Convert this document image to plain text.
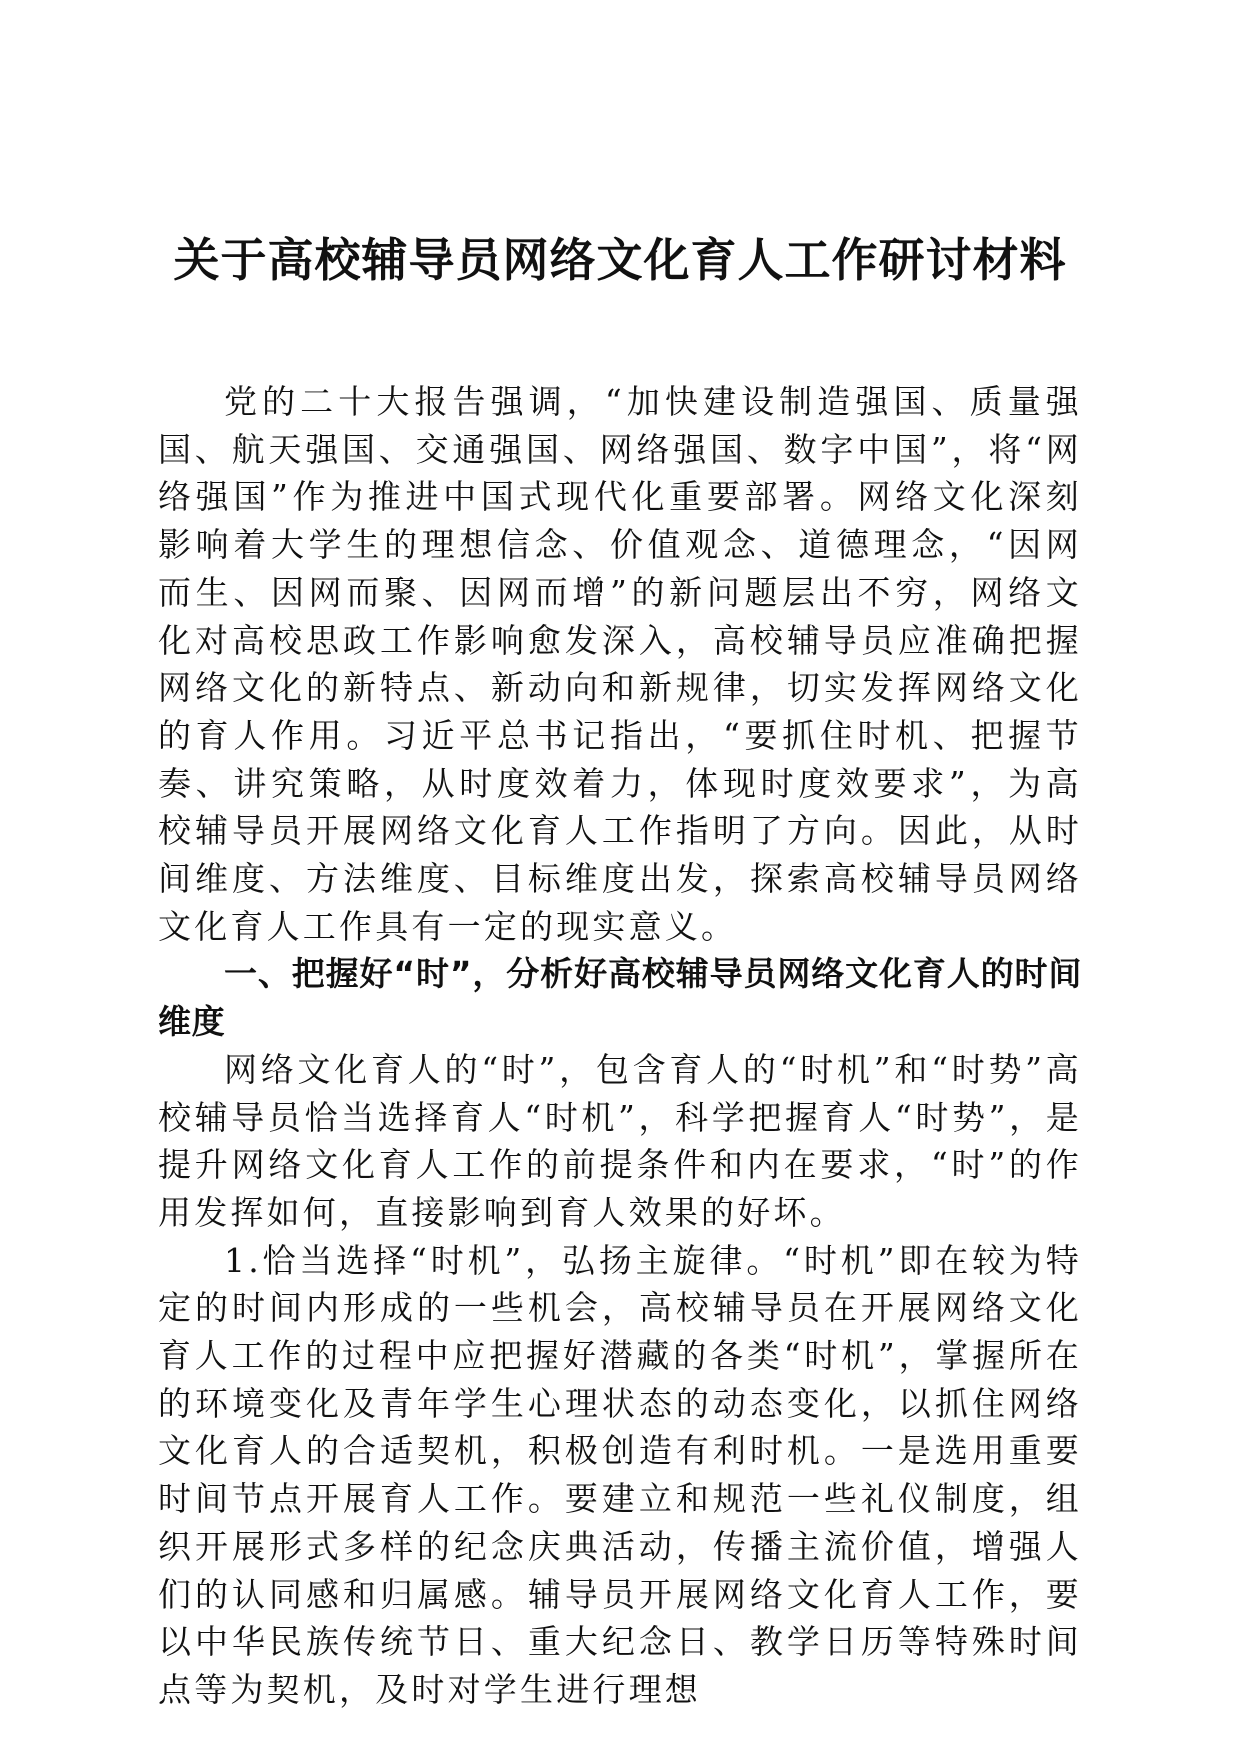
关于高校辅导员网络文化育人工作研讨材料

党的二十大报告强调，“加快建设制造强国、质量强国、航天强国、交通强国、网络强国、数字中国”，将“网络强国”作为推进中国式现代化重要部署。网络文化深刻影响着大学生的理想信念、价值观念、道德理念，“因网而生、因网而聚、因网而增”的新问题层出不穷，网络文化对高校思政工作影响愈发深入，高校辅导员应准确把握网络文化的新特点、新动向和新规律，切实发挥网络文化的育人作用。习近平总书记指出，“要抓住时机、把握节奏、讲究策略，从时度效着力，体现时度效要求”，为高校辅导员开展网络文化育人工作指明了方向。因此，从时间维度、方法维度、目标维度出发，探索高校辅导员网络文化育人工作具有一定的现实意义。

一、把握好“时”，分析好高校辅导员网络文化育人的时间维度

网络文化育人的“时”，包含育人的“时机”和“时势”高校辅导员恰当选择育人“时机”，科学把握育人“时势”，是提升网络文化育人工作的前提条件和内在要求，“时”的作用发挥如何，直接影响到育人效果的好坏。

1.恰当选择“时机”，弘扬主旋律。“时机”即在较为特定的时间内形成的一些机会，高校辅导员在开展网络文化育人工作的过程中应把握好潜藏的各类“时机”，掌握所在的环境变化及青年学生心理状态的动态变化，以抓住网络文化育人的合适契机，积极创造有利时机。一是选用重要时间节点开展育人工作。要建立和规范一些礼仪制度，组织开展形式多样的纪念庆典活动，传播主流价值，增强人们的认同感和归属感。辅导员开展网络文化育人工作，要以中华民族传统节日、重大纪念日、教学日历等特殊时间点等为契机，及时对学生进行理想
